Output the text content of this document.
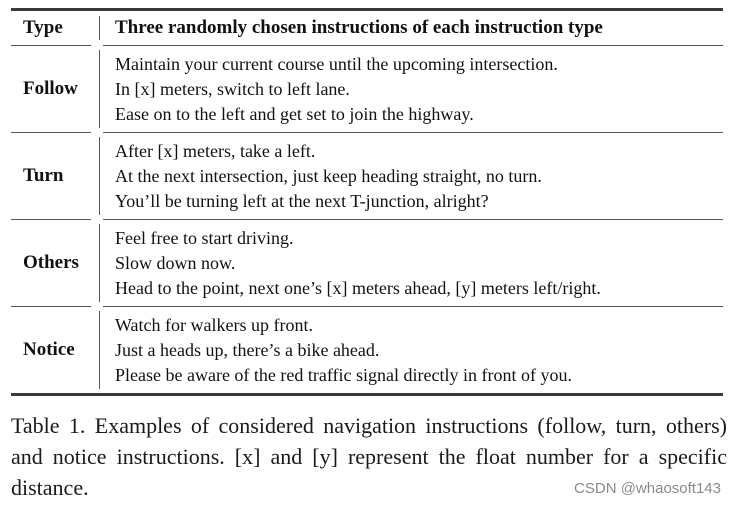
Type	Three randomly chosen instructions of each instruction type
Follow
Maintain your current course until the upcoming intersection.
In [x] meters, switch to left lane.
Ease on to the left and get set to join the highway.
Turn
After [x] meters, take a left.
At the next intersection, just keep heading straight, no turn.
You’ll be turning left at the next T-junction, alright?
Others
Feel free to start driving.
Slow down now.
Head to the point, next one’s [x] meters ahead, [y] meters left/right.
Notice
Watch for walkers up front.
Just a heads up, there’s a bike ahead.
Please be aware of the red traffic signal directly in front of you.
Table 1. Examples of considered navigation instructions (follow, turn, others) and notice instructions. [x] and [y] represent the float number for a specific distance.	CSDN @whaosoft143
